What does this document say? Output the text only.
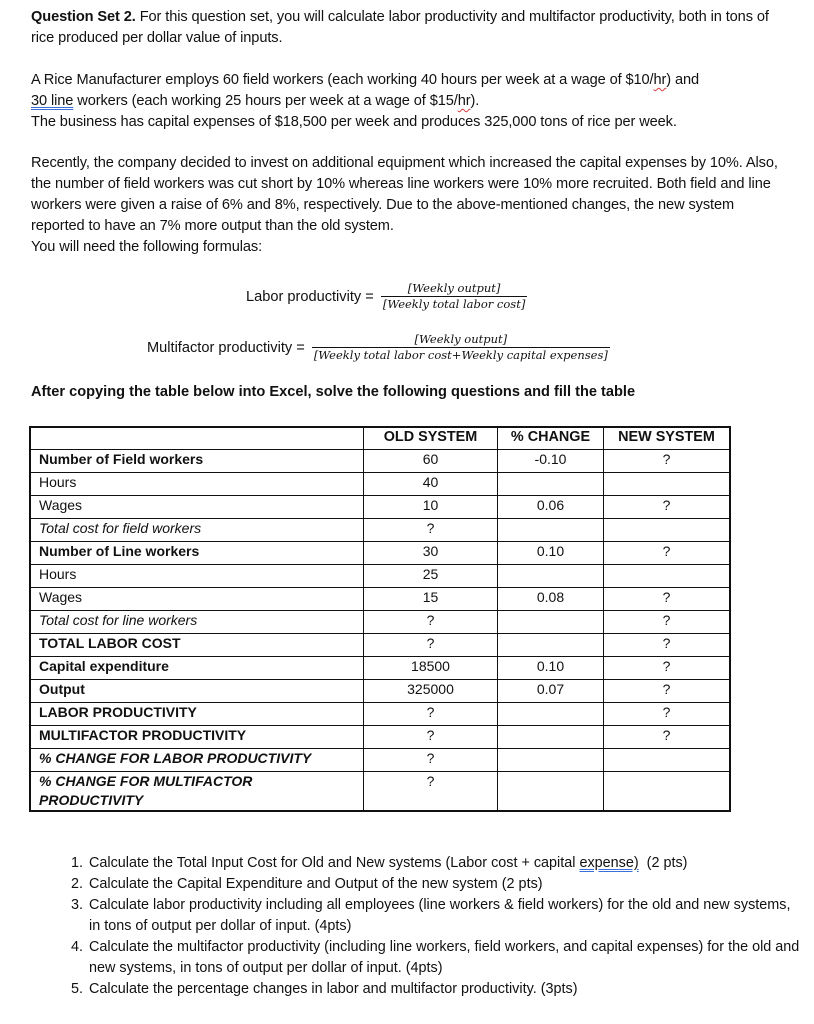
Question Set 2. For this question set, you will calculate labor productivity and multifactor productivity, both in tons of rice produced per dollar value of inputs.

A Rice Manufacturer employs 60 field workers (each working 40 hours per week at a wage of $10/hr) and

30 line workers (each working 25 hours per week at a wage of $15/hr).

The business has capital expenses of $18,500 per week and produces 325,000 tons of rice per week.

Recently, the company decided to invest on additional equipment which increased the capital expenses by 10%. Also, the number of field workers was cut short by 10% whereas line workers were 10% more recruited. Both field and line workers were given a raise of 6% and 8%, respectively. Due to the above-mentioned changes, the new system reported to have an 7% more output than the old system.

You will need the following formulas:

Labor productivity = $\frac{\text{[Weekly output]}}{\text{[Weekly total labor cost]}}$
Multifactor productivity = $\frac{\text{[Weekly output]}}{\text{[Weekly total labor cost+Weekly capital expenses]}}$
After copying the table below into Excel, solve the following questions and fill the table
	OLD SYSTEM	% CHANGE	NEW SYSTEM
Number of Field workers	60	-0.10	?
Hours	40		
Wages	10	0.06	?
Total cost for field workers	?		
Number of Line workers	30	0.10	?
Hours	25		
Wages	15	0.08	?
Total cost for line workers	?		?
TOTAL LABOR COST	?		?
Capital expenditure	18500	0.10	?
Output	325000	0.07	?
LABOR PRODUCTIVITY	?		?
MULTIFACTOR PRODUCTIVITY	?		?
% CHANGE FOR LABOR PRODUCTIVITY	?		
% CHANGE FOR MULTIFACTOR PRODUCTIVITY	?		
1. Calculate the Total Input Cost for Old and New systems (Labor cost + capital expense)  (2 pts)
2. Calculate the Capital Expenditure and Output of the new system (2 pts)
3. Calculate labor productivity including all employees (line workers & field workers) for the old and new systems, in tons of output per dollar of input. (4pts)
4. Calculate the multifactor productivity (including line workers, field workers, and capital expenses) for the old and new systems, in tons of output per dollar of input. (4pts)
5. Calculate the percentage changes in labor and multifactor productivity. (3pts)
